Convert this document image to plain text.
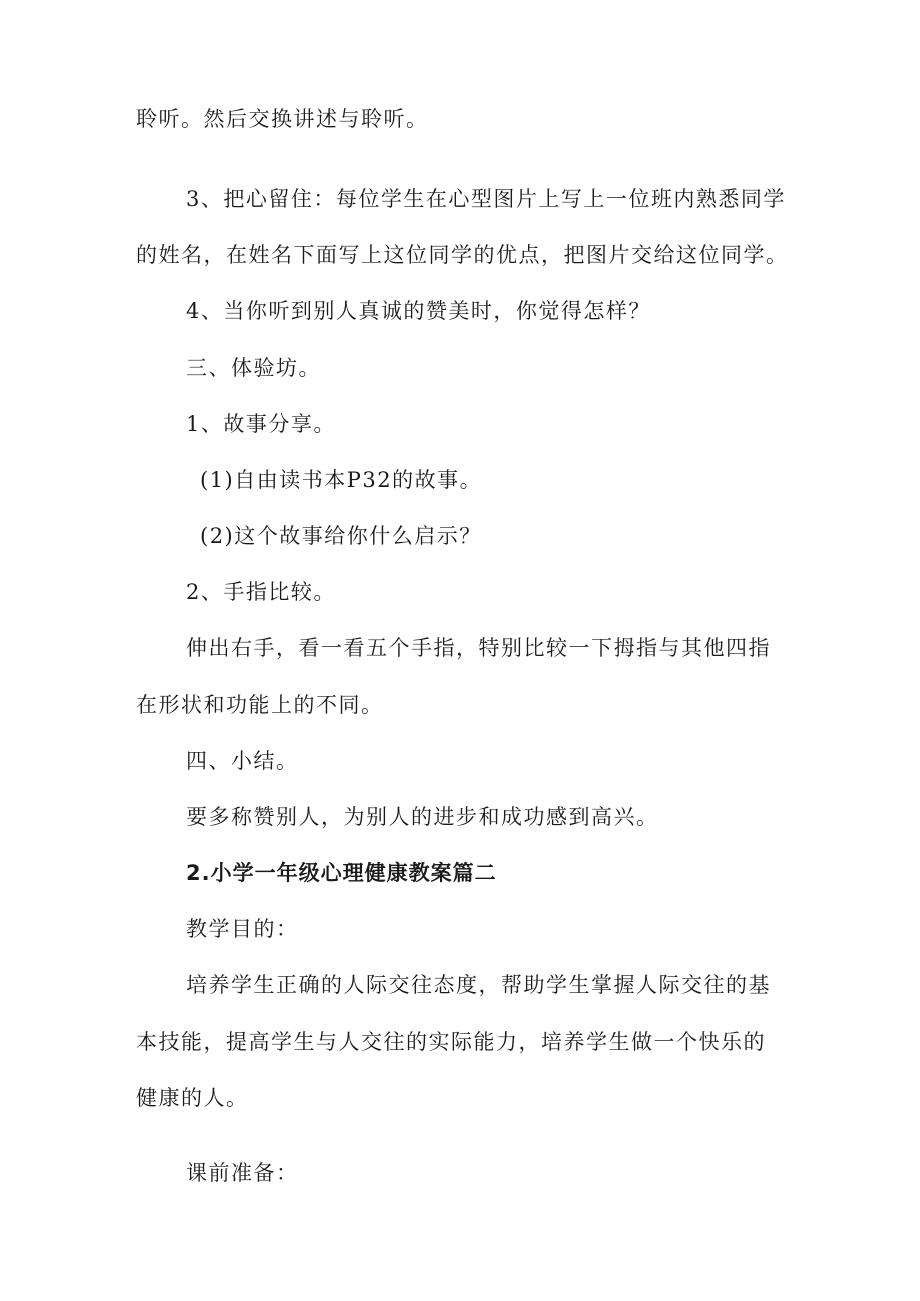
聆听。然后交换讲述与聆听。
3、把心留住：每位学生在心型图片上写上一位班内熟悉同学
的姓名，在姓名下面写上这位同学的优点，把图片交给这位同学。
4、当你听到别人真诚的赞美时，你觉得怎样？
三、体验坊。
1、故事分享。
(1)自由读书本P32的故事。
(2)这个故事给你什么启示？
2、手指比较。
伸出右手，看一看五个手指，特别比较一下拇指与其他四指
在形状和功能上的不同。
四、小结。
要多称赞别人，为别人的进步和成功感到高兴。
2.小学一年级心理健康教案篇二
教学目的：
培养学生正确的人际交往态度，帮助学生掌握人际交往的基
本技能，提高学生与人交往的实际能力，培养学生做一个快乐的
健康的人。
课前准备：
